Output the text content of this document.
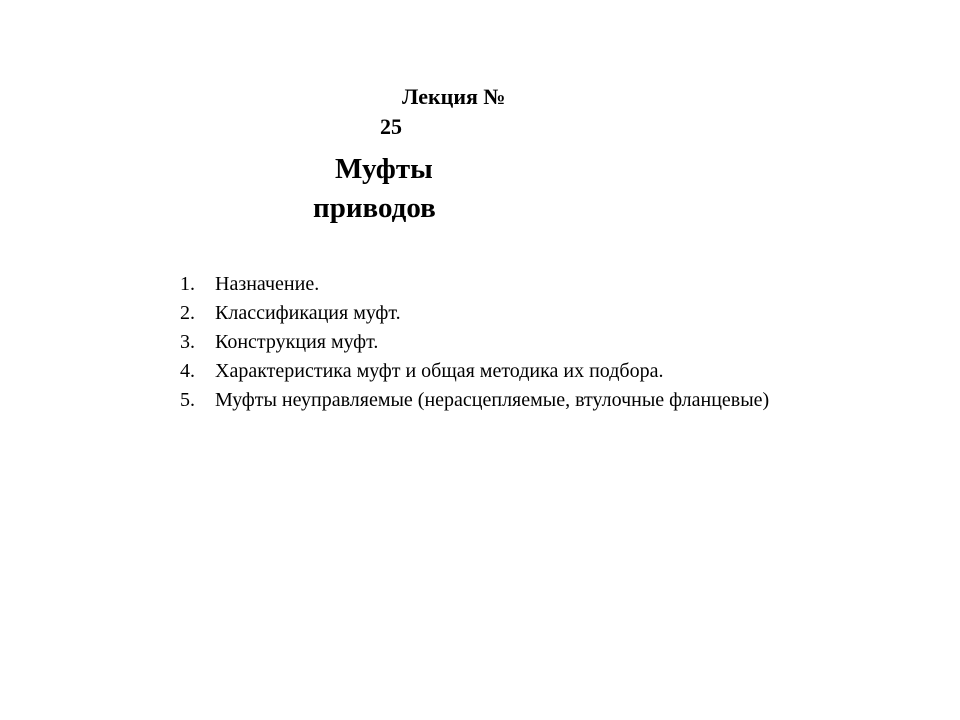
Лекция №
25
Муфты
приводов
1.	Назначение.
2.	Классификация муфт.
3.	Конструкция муфт.
4.	Характеристика муфт и общая методика их подбора.
5.	Муфты неуправляемые (нерасцепляемые, втулочные фланцевые)
